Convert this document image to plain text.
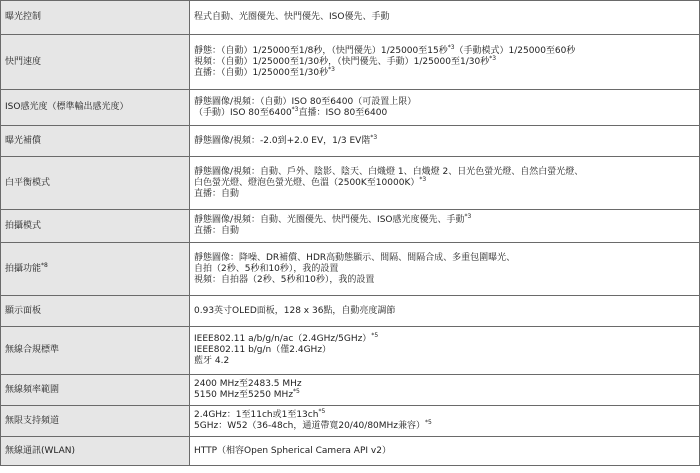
曝光控制	程式自動、光圈優先、快門優先、ISO優先、手動

快門速度	靜態：（自動）1/25000至1/8秒，（快門優先）1/25000至15秒$^{*3}$（手動模式）1/25000至60秒
視頻：（自動）1/25000至1/30秒，（快門優先、手動）1/25000至1/30秒$^{*3}$
直播：（自動）1/25000至1/30秒$^{*3}$

ISO感光度（標準輸出感光度）	靜態圖像/視頻：（自動）ISO 80至6400（可設置上限）
（手動）ISO 80至6400$^{*3}$直播：ISO 80至6400

曝光補償	靜態圖像/視頻：-2.0到+2.0 EV，1/3 EV階$^{*3}$

白平衡模式	靜態圖像/視頻：自動、戶外、陰影、陰天、白熾燈 1、白熾燈 2、日光色螢光燈、自然白螢光燈、
白色螢光燈、燈泡色螢光燈、色溫（2500K至10000K）$^{*3}$
直播：自動

拍攝模式	靜態圖像/視頻：自動、光圈優先、快門優先、ISO感光度優先、手動$^{*3}$
直播：自動

拍攝功能$^{*8}$	靜態圖像：降噪、DR補償、HDR高動態顯示、間隔、間隔合成、多重包圍曝光、
自拍（2秒、5秒和10秒），我的設置
視頻：自拍器（2秒、5秒和10秒），我的設置

顯示面板	0.93英寸OLED面板，128 x 36點，自動亮度調節

無線合規標準	IEEE802.11 $a/b/g/n/ac(2.4GHz/5GHz)^{*5}$
IEEE802.11 b/g/n（僅2.4GHz）
藍牙 4.2

無線頻率範圍	2400 MHz至2483.5 MHz
5150 MHz至5250 MHz$^{*5}$

無限支持頻道	2.4GHz：1至11ch或1至$13ch^{*5}$
5GHz：W52（36-48ch，通道帶寬20/40/80MHz兼容）$^{*5}$

無線通訊(WLAN)	HTTP（相容Open Spherical Camera API v2）
